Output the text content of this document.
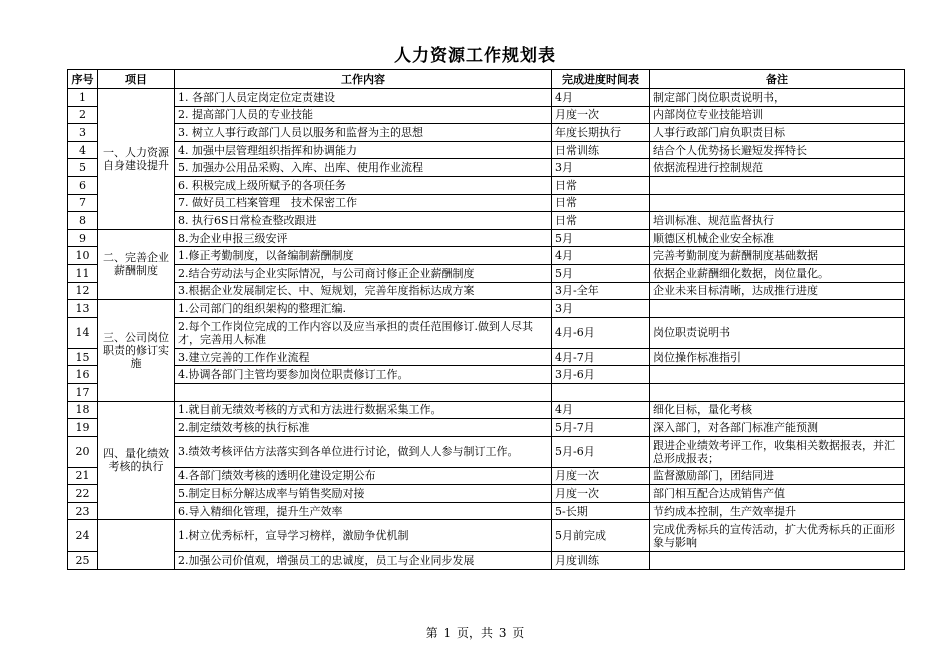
人力资源工作规划表
序号	项目	工作内容	完成进度时间表	备注
1	一、人力资源自身建设提升	1. 各部门人员定岗定位定责建设	4月	制定部门岗位职责说明书，
2		2. 提高部门人员的专业技能	月度一次	内部岗位专业技能培训
3		3. 树立人事行政部门人员以服务和监督为主的思想	年度长期执行	人事行政部门肩负职责目标
4		4. 加强中层管理组织指挥和协调能力	日常训练	结合个人优势扬长避短发挥特长
5		5. 加强办公用品采购、入库、出库、使用作业流程	3月	依据流程进行控制规范
6		6. 积极完成上级所赋予的各项任务	日常	
7		7. 做好员工档案管理　技术保密工作	日常	
8		8. 执行6S日常检查整改跟进	日常	培训标准、规范监督执行
9	二、完善企业薪酬制度	8.为企业申报三级安评	5月	顺德区机械企业安全标准
10		1.修正考勤制度，以备编制薪酬制度	4月	完善考勤制度为薪酬制度基础数据
11		2.结合劳动法与企业实际情况，与公司商讨修正企业薪酬制度	5月	依据企业薪酬细化数据，岗位量化。
12		3.根据企业发展制定长、中、短规划，完善年度指标达成方案	3月-全年	企业未来目标清晰，达成推行进度
13	三、公司岗位职责的修订实施	1.公司部门的组织架构的整理汇编.	3月	
14		2.每个工作岗位完成的工作内容以及应当承担的责任范围修订.做到人尽其才，完善用人标准	4月-6月	岗位职责说明书
15		3.建立完善的工作作业流程	4月-7月	岗位操作标准指引
16		4.协调各部门主管均要参加岗位职责修订工作。	3月-6月	
17				
18	四、量化绩效考核的执行	1.就目前无绩效考核的方式和方法进行数据采集工作。	4月	细化目标，量化考核
19		2.制定绩效考核的执行标准	5月-7月	深入部门，对各部门标准产能预测
20		3.绩效考核评估方法落实到各单位进行讨论，做到人人参与制订工作。	5月-6月	跟进企业绩效考评工作，收集相关数据报表，并汇总形成报表；
21		4.各部门绩效考核的透明化建设定期公布	月度一次	监督激励部门，团结同进
22		5.制定目标分解达成率与销售奖励对接	月度一次	部门相互配合达成销售产值
23		6.导入精细化管理，提升生产效率	5-长期	节约成本控制，生产效率提升
24		1.树立优秀标杆，宣导学习榜样，激励争优机制	5月前完成	完成优秀标兵的宣传活动，扩大优秀标兵的正面形象与影响
25		2.加强公司价值观，增强员工的忠诚度，员工与企业同步发展	月度训练	
第 1 页，共 3 页
